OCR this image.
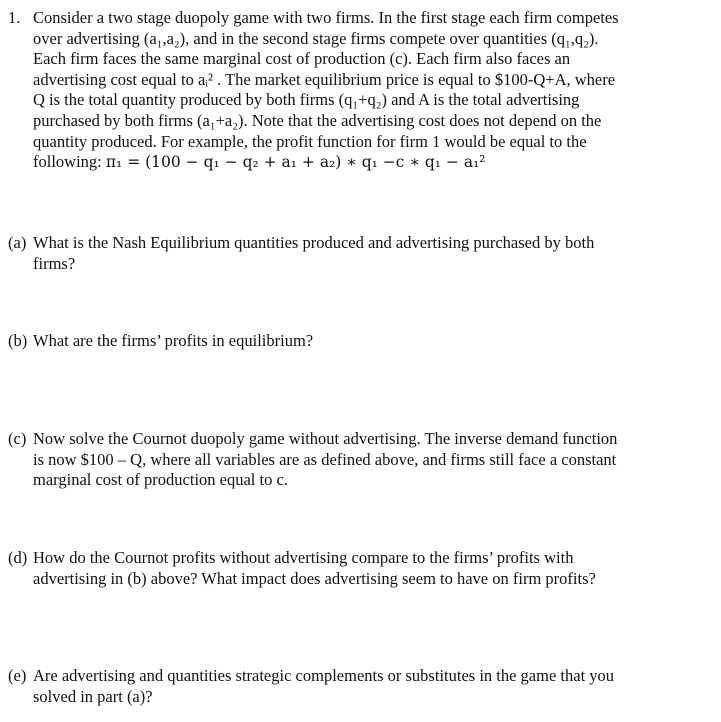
1. Consider a two stage duopoly game with two firms. In the first stage each firm competes
over advertising (a₁,a₂), and in the second stage firms compete over quantities (q₁,q₂).
Each firm faces the same marginal cost of production (c). Each firm also faces an
advertising cost equal to aᵢ² . The market equilibrium price is equal to $100-Q+A, where
Q is the total quantity produced by both firms (q₁+q₂) and A is the total advertising
purchased by both firms (a₁+a₂). Note that the advertising cost does not depend on the
quantity produced. For example, the profit function for firm 1 would be equal to the
following: π₁ = (100 − q₁ − q₂ + a₁ + a₂) ∗ q₁ −c ∗ q₁ − a₁²
(a) What is the Nash Equilibrium quantities produced and advertising purchased by both
firms?
(b) What are the firms’ profits in equilibrium?
(c) Now solve the Cournot duopoly game without advertising. The inverse demand function
is now $100 – Q, where all variables are as defined above, and firms still face a constant
marginal cost of production equal to c.
(d) How do the Cournot profits without advertising compare to the firms’ profits with
advertising in (b) above? What impact does advertising seem to have on firm profits?
(e) Are advertising and quantities strategic complements or substitutes in the game that you
solved in part (a)?
